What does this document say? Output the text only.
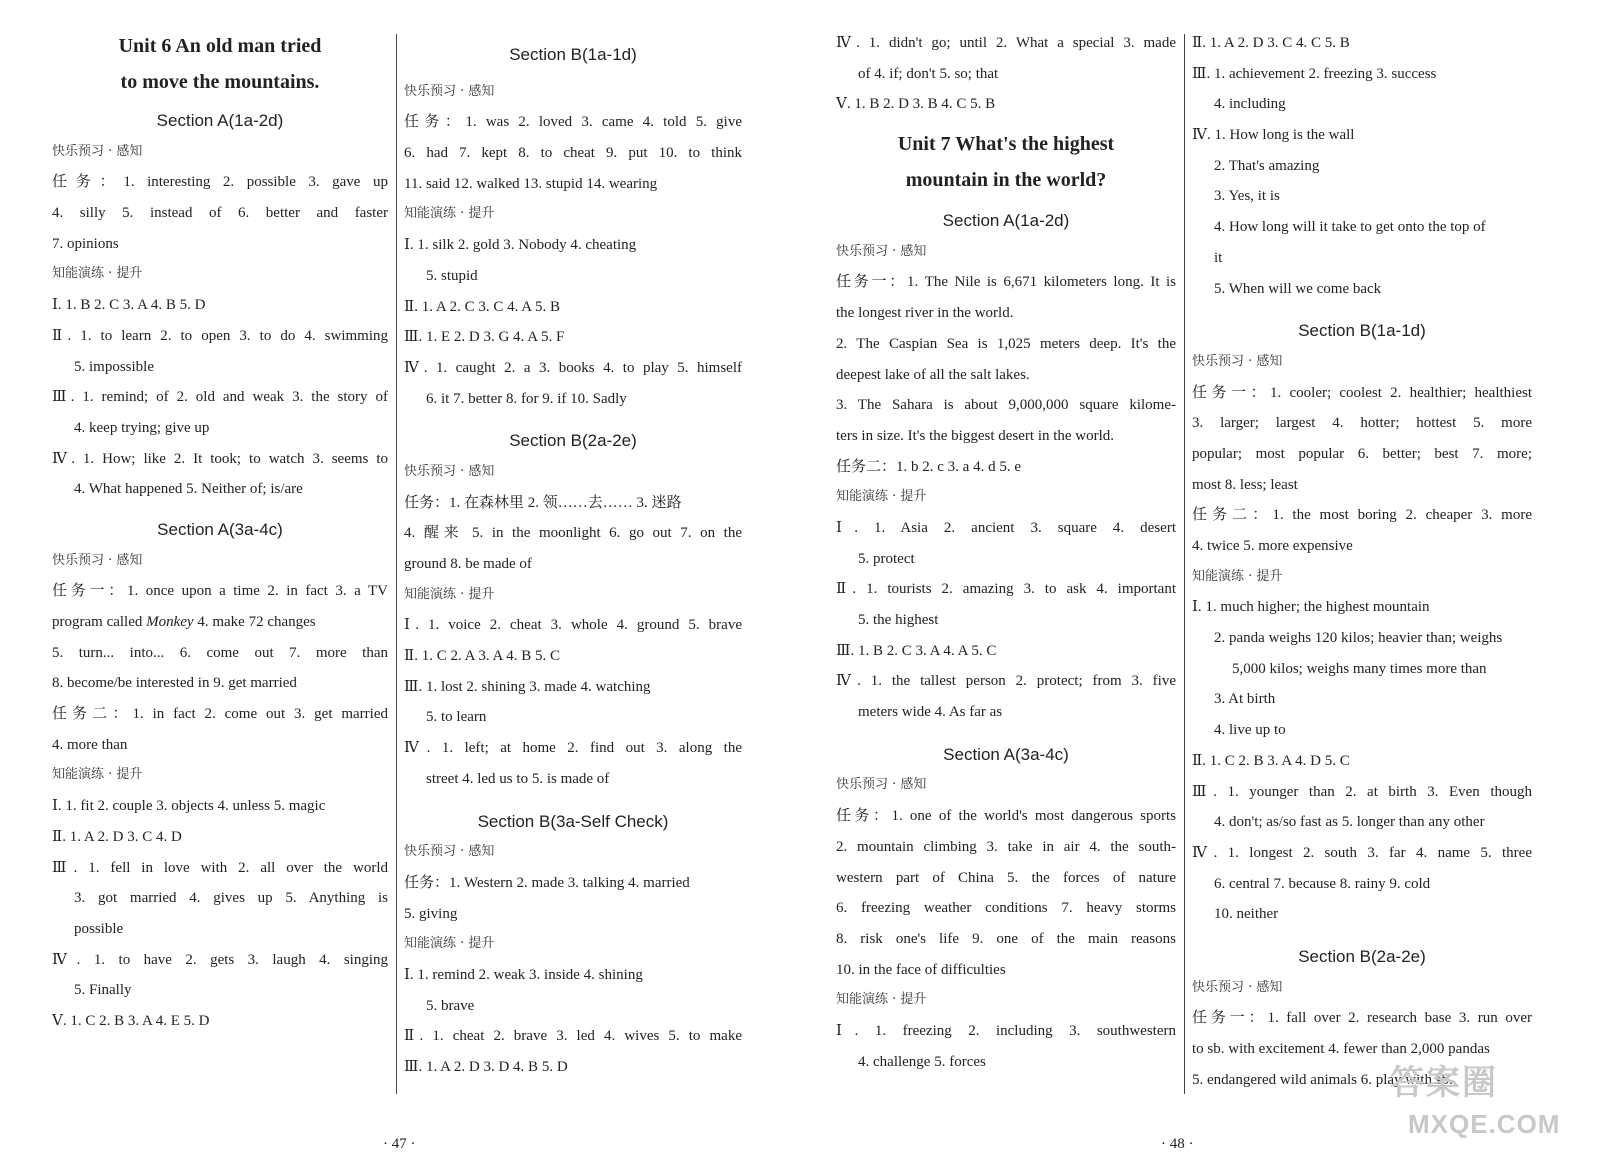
Unit 6 An old man tried
to move the mountains.
Section A(1a-2d)
快乐预习 · 感知
任务：1. interesting 2. possible 3. gave up
4. silly 5. instead of 6. better and faster
7. opinions
知能演练 · 提升
Ⅰ. 1. B 2. C 3. A 4. B 5. D
Ⅱ. 1. to learn 2. to open 3. to do 4. swimming
5. impossible
Ⅲ. 1. remind; of 2. old and weak 3. the story of
4. keep trying; give up
Ⅳ. 1. How; like 2. It took; to watch 3. seems to
4. What happened 5. Neither of; is/are
Section A(3a-4c)
快乐预习 · 感知
任务一：1. once upon a time 2. in fact 3. a TV
program called Monkey 4. make 72 changes
5. turn... into... 6. come out 7. more than
8. become/be interested in 9. get married
任务二：1. in fact 2. come out 3. get married
4. more than
知能演练 · 提升
Ⅰ. 1. fit 2. couple 3. objects 4. unless 5. magic
Ⅱ. 1. A 2. D 3. C 4. D
Ⅲ. 1. fell in love with 2. all over the world
3. got married 4. gives up 5. Anything is
possible
Ⅳ. 1. to have 2. gets 3. laugh 4. singing
5. Finally
Ⅴ. 1. C 2. B 3. A 4. E 5. D
Section B(1a-1d)
快乐预习 · 感知
任务：1. was 2. loved 3. came 4. told 5. give
6. had 7. kept 8. to cheat 9. put 10. to think
11. said 12. walked 13. stupid 14. wearing
知能演练 · 提升
Ⅰ. 1. silk 2. gold 3. Nobody 4. cheating
5. stupid
Ⅱ. 1. A 2. C 3. C 4. A 5. B
Ⅲ. 1. E 2. D 3. G 4. A 5. F
Ⅳ. 1. caught 2. a 3. books 4. to play 5. himself
6. it 7. better 8. for 9. if 10. Sadly
Section B(2a-2e)
快乐预习 · 感知
任务：1. 在森林里 2. 领……去…… 3. 迷路
4. 醒来 5. in the moonlight 6. go out 7. on the
ground 8. be made of
知能演练 · 提升
Ⅰ. 1. voice 2. cheat 3. whole 4. ground 5. brave
Ⅱ. 1. C 2. A 3. A 4. B 5. C
Ⅲ. 1. lost 2. shining 3. made 4. watching
5. to learn
Ⅳ. 1. left; at home 2. find out 3. along the
street 4. led us to 5. is made of
Section B(3a-Self Check)
快乐预习 · 感知
任务：1. Western 2. made 3. talking 4. married
5. giving
知能演练 · 提升
Ⅰ. 1. remind 2. weak 3. inside 4. shining
5. brave
Ⅱ. 1. cheat 2. brave 3. led 4. wives 5. to make
Ⅲ. 1. A 2. D 3. D 4. B 5. D
· 47 ·
Ⅳ. 1. didn't go; until 2. What a special 3. made
of 4. if; don't 5. so; that
Ⅴ. 1. B 2. D 3. B 4. C 5. B
Unit 7 What's the highest
mountain in the world?
Section A(1a-2d)
快乐预习 · 感知
任务一：1. The Nile is 6,671 kilometers long. It is
the longest river in the world.
2. The Caspian Sea is 1,025 meters deep. It's the
deepest lake of all the salt lakes.
3. The Sahara is about 9,000,000 square kilome-
ters in size. It's the biggest desert in the world.
任务二：1. b 2. c 3. a 4. d 5. e
知能演练 · 提升
Ⅰ. 1. Asia 2. ancient 3. square 4. desert
5. protect
Ⅱ. 1. tourists 2. amazing 3. to ask 4. important
5. the highest
Ⅲ. 1. B 2. C 3. A 4. A 5. C
Ⅳ. 1. the tallest person 2. protect; from 3. five
meters wide 4. As far as
Section A(3a-4c)
快乐预习 · 感知
任务：1. one of the world's most dangerous sports
2. mountain climbing 3. take in air 4. the south-
western part of China 5. the forces of nature
6. freezing weather conditions 7. heavy storms
8. risk one's life 9. one of the main reasons
10. in the face of difficulties
知能演练 · 提升
Ⅰ. 1. freezing 2. including 3. southwestern
4. challenge 5. forces
Ⅱ. 1. A 2. D 3. C 4. C 5. B
Ⅲ. 1. achievement 2. freezing 3. success
4. including
Ⅳ. 1. How long is the wall
2. That's amazing
3. Yes, it is
4. How long will it take to get onto the top of
it
5. When will we come back
Section B(1a-1d)
快乐预习 · 感知
任务一：1. cooler; coolest 2. healthier; healthiest
3. larger; largest 4. hotter; hottest 5. more
popular; most popular 6. better; best 7. more;
most 8. less; least
任务二：1. the most boring 2. cheaper 3. more
4. twice 5. more expensive
知能演练 · 提升
Ⅰ. 1. much higher; the highest mountain
2. panda weighs 120 kilos; heavier than; weighs
5,000 kilos; weighs many times more than
3. At birth
4. live up to
Ⅱ. 1. C 2. B 3. A 4. D 5. C
Ⅲ. 1. younger than 2. at birth 3. Even though
4. don't; as/so fast as 5. longer than any other
Ⅳ. 1. longest 2. south 3. far 4. name 5. three
6. central 7. because 8. rainy 9. cold
10. neither
Section B(2a-2e)
快乐预习 · 感知
任务一：1. fall over 2. research base 3. run over
to sb. with excitement 4. fewer than 2,000 pandas
5. endangered wild animals 6. play with sb.
· 48 ·
答案圈
MXQE.COM
